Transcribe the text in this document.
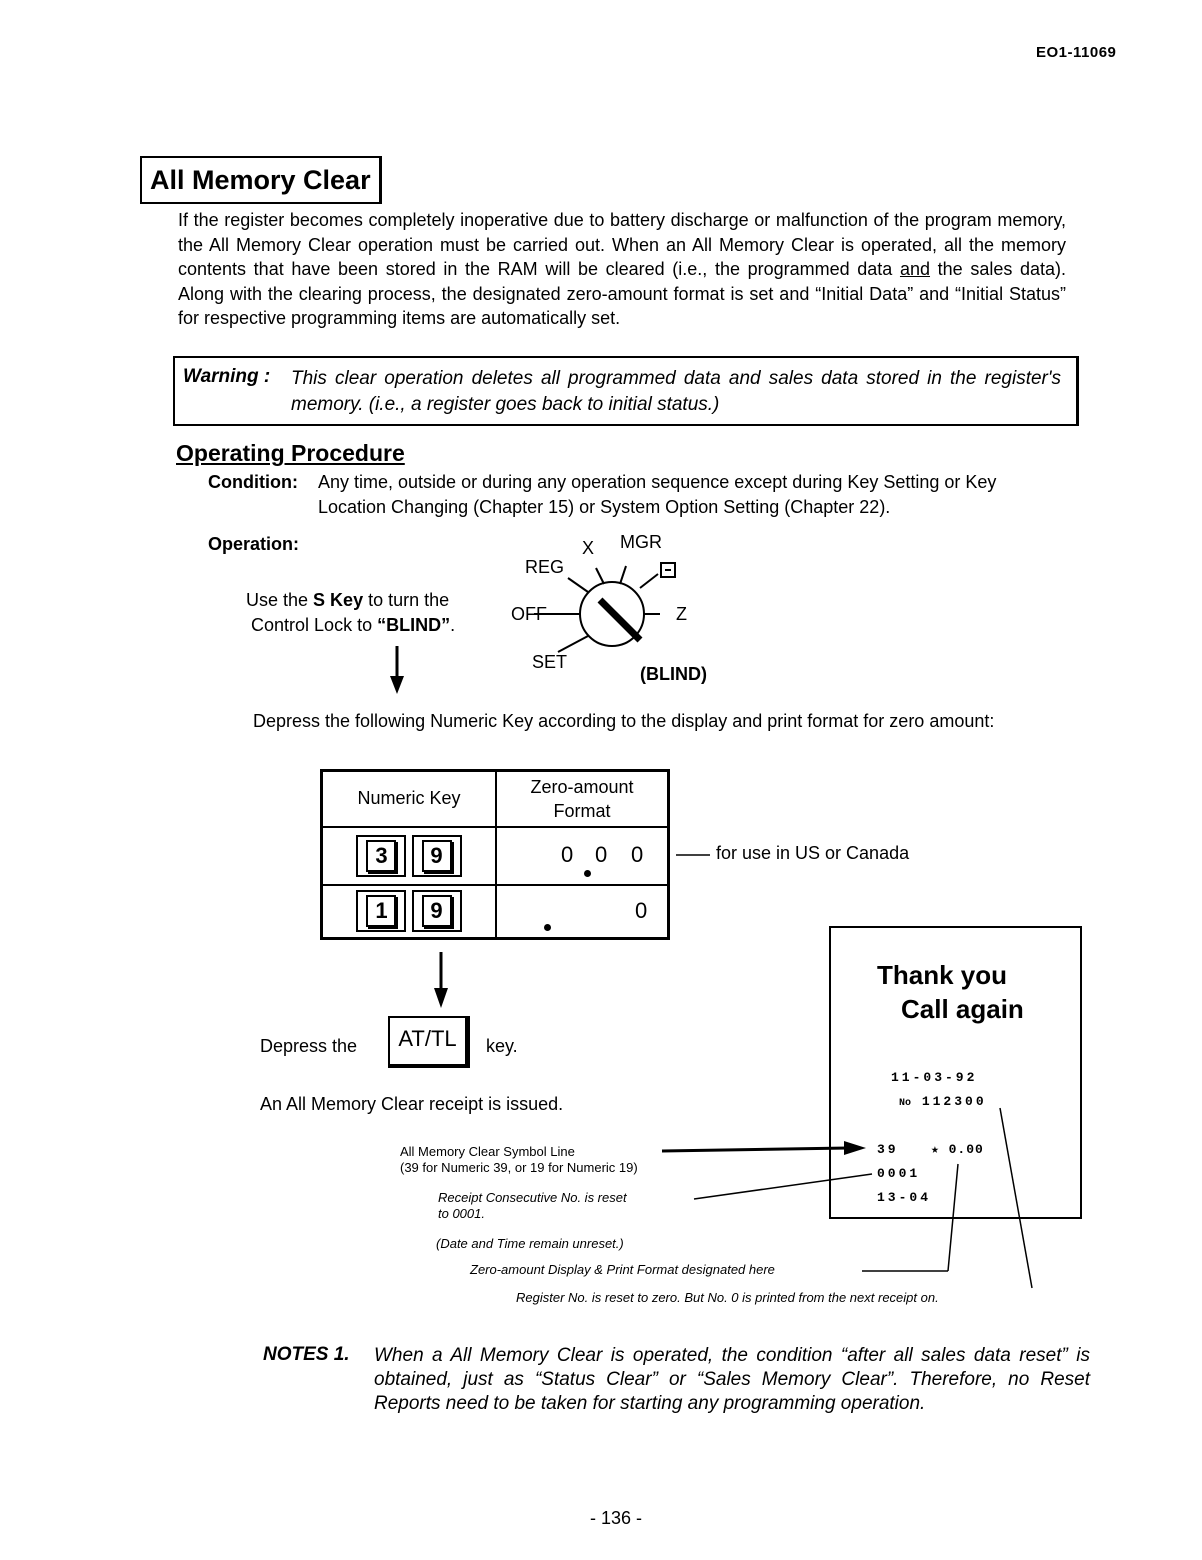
EO1-11069
All Memory Clear
If the register becomes completely inoperative due to battery discharge or malfunction of the program memory, the All Memory Clear operation must be carried out. When an All Memory Clear is operated, all the memory contents that have been stored in the RAM will be cleared (i.e., the programmed data and the sales data). Along with the clearing process, the designated zero-amount format is set and “Initial Data” and “Initial Status” for respective programming items are automatically set.
Warning : This clear operation deletes all programmed data and sales data stored in the register's memory. (i.e., a register goes back to initial status.)
Operating Procedure
Condition: Any time, outside or during any operation sequence except during Key Setting or Key Location Changing (Chapter 15) or System Option Setting (Chapter 22).
Operation:
Use the S Key to turn the
Control Lock to “BLIND”.
X MGR
REG
OFF	Z
SET
(BLIND)
Depress the following Numeric Key according to the display and print format for zero amount:
Numeric Key	Zero-amount
Format
3 9	0 0 0

1 9	0
for use in US or Canada
Depress the	AT/TL	key.
An All Memory Clear receipt is issued.
Thank you
Call again
11-03-92
No 112300
39 ★ 0.00
0001
13-04
All Memory Clear Symbol Line
(39 for Numeric 39, or 19 for Numeric 19)
Receipt Consecutive No. is reset
to 0001.
(Date and Time remain unreset.)
Zero-amount Display & Print Format designated here
Register No. is reset to zero. But No. 0 is printed from the next receipt on.
NOTES 1. When a All Memory Clear is operated, the condition “after all sales data reset” is obtained, just as “Status Clear” or “Sales Memory Clear”. Therefore, no Reset Reports need to be taken for starting any programming operation.
- 136 -
